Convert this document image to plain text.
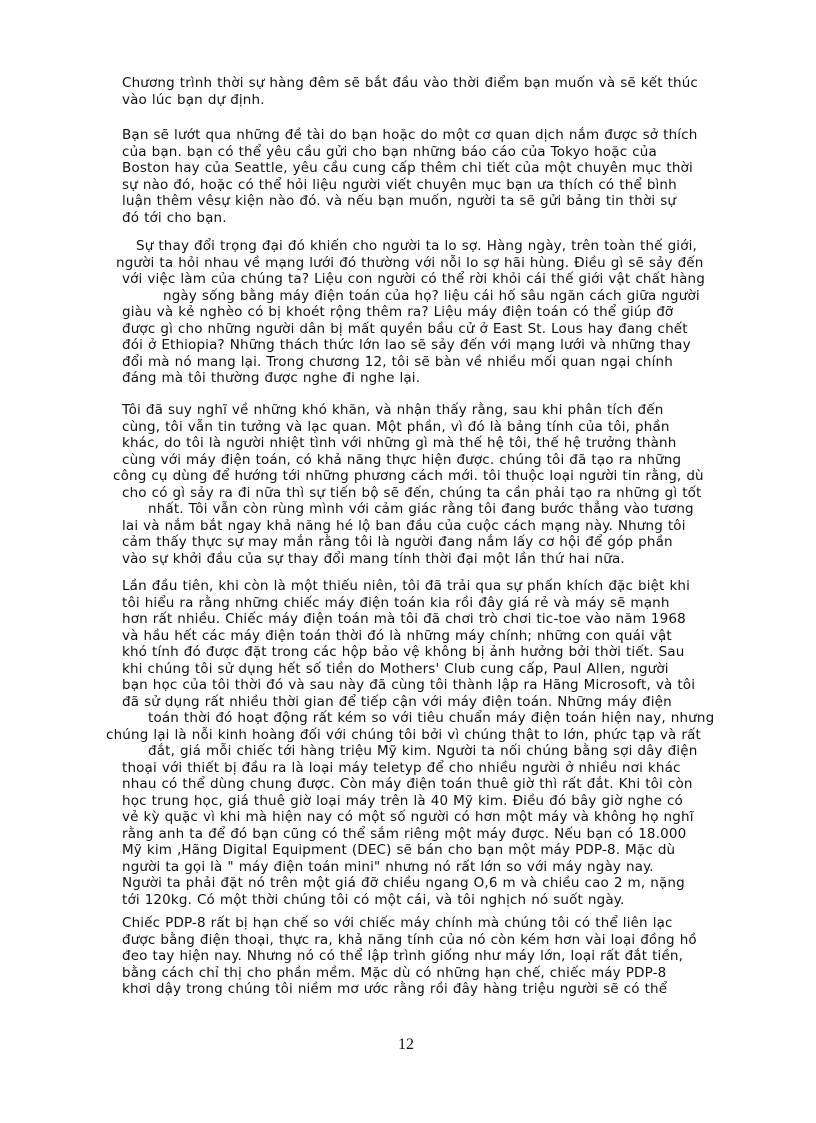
Chương trình thời sự hàng đêm sẽ bắt đầu vào thời điểm bạn muốn và sẽ kết thúc
vào lúc bạn dự định.
Bạn sẽ lướt qua những đề tài do bạn hoặc do một cơ quan dịch nắm được sở thích
của bạn. bạn có thể yêu cầu gửi cho bạn những báo cáo của Tokyo hoặc của
Boston hay của Seattle, yêu cầu cung cấp thêm chi tiết của một chuyên mục thời
sự nào đó, hoặc có thể hỏi liệu người viết chuyên mục bạn ưa thích có thể bình
luận thêm vêsự kiện nào đó. và nếu bạn muốn, người ta sẽ gửi bảng tin thời sự
đó tới cho bạn.
Sự thay đổi trọng đại đó khiến cho người ta lo sợ. Hàng ngày, trên toàn thế giới,
người ta hỏi nhau về mạng lưới đó thường với nỗi lo sợ hãi hùng. Điều gì sẽ sảy đến
với việc làm của chúng ta? Liệu con người có thể rời khỏi cái thế giới vật chất hàng
ngày sống bằng máy điện toán của họ? liệu cái hố sâu ngăn cách giữa người
giàu và kẻ nghèo có bị khoét rộng thêm ra? Liệu máy điện toán có thể giúp đỡ
được gì cho những người dân bị mất quyền bầu cử ở East St. Lous hay đang chết
đói ở Ethiopia? Những thách thức lớn lao sẽ sảy đến với mạng lưới và những thay
đổi mà nó mang lại. Trong chương 12, tôi sẽ bàn về nhiều mối quan ngại chính
đáng mà tôi thường được nghe đi nghe lại.
Tôi đã suy nghĩ về những khó khăn, và nhận thấy rằng, sau khi phân tích đến
cùng, tôi vẫn tin tưởng và lạc quan. Một phần, vì đó là bảng tính của tôi, phần
khác, do tôi là người nhiệt tình với những gì mà thế hệ tôi, thế hệ trưởng thành
cùng với máy điện toán, có khả năng thực hiện được. chúng tôi đã tạo ra những
công cụ dùng để hướng tới những phương cách mới. tôi thuộc loại người tin rằng, dù
cho có gì sảy ra đi nữa thì sự tiến bộ sẽ đến, chúng ta cần phải tạo ra những gì tốt
nhất. Tôi vẫn còn rùng mình với cảm giác rằng tôi đang bước thẳng vào tương
lai và nắm bắt ngay khả năng hé lộ ban đầu của cuộc cách mạng này. Nhưng tôi
cảm thấy thực sự may mắn rằng tôi là người đang nắm lấy cơ hội để góp phần
vào sự khởi đầu của sự thay đổi mang tính thời đại một lần thứ hai nữa.
Lần đầu tiên, khi còn là một thiếu niên, tôi đã trải qua sự phấn khích đặc biệt khi
tôi hiểu ra rằng những chiếc máy điện toán kia rồi đây giá rẻ và máy sẽ mạnh
hơn rất nhiều. Chiếc máy điện toán mà tôi đã chơi trò chơi tic-toe vào năm 1968
và hầu hết các máy điện toán thời đó là những máy chính; những con quái vật
khó tính đó được đặt trong các hộp bảo vệ không bị ảnh hưởng bởi thời tiết. Sau
khi chúng tôi sử dụng hết số tiền do Mothers' Club cung cấp, Paul Allen, người
bạn học của tôi thời đó và sau này đã cùng tôi thành lập ra Hãng Microsoft, và tôi
đã sử dụng rất nhiều thời gian để tiếp cận với máy điện toán. Những máy điện
toán thời đó hoạt động rất kém so với tiêu chuẩn máy điện toán hiện nay, nhưng
chúng lại là nỗi kinh hoàng đối với chúng tôi bởi vì chúng thật to lớn, phức tạp và rất
đắt, giá mỗi chiếc tới hàng triệu Mỹ kim. Người ta nối chúng bằng sợi dây điện
thoại với thiết bị đầu ra là loại máy teletyp để cho nhiều người ở nhiều nơi khác
nhau có thể dùng chung được. Còn máy điện toán thuê giờ thì rất đắt. Khi tôi còn
học trung học, giá thuê giờ loại máy trên là 40 Mỹ kim. Điều đó bây giờ nghe có
vẻ kỳ quặc vì khi mà hiện nay có một số người có hơn một máy và không họ nghĩ
rằng anh ta để đó bạn cũng có thể sắm riêng một máy được. Nếu bạn có 18.000
Mỹ kim ,Hãng Digital Equipment (DEC) sẽ bán cho bạn một máy PDP-8. Mặc dù
người ta gọi là " máy điện toán mini" nhưng nó rất lớn so với máy ngày nay.
Người ta phải đặt nó trên một giá đỡ chiều ngang O,6 m và chiều cao 2 m, nặng
tới 120kg. Có một thời chúng tôi có một cái, và tôi nghịch nó suốt ngày.
Chiếc PDP-8 rất bị hạn chế so với chiếc máy chính mà chúng tôi có thể liên lạc
được bằng điện thoại, thực ra, khả năng tính của nó còn kém hơn vài loại đồng hồ
đeo tay hiện nay. Nhưng nó có thể lập trình giống như máy lớn, loại rất đắt tiền,
bằng cách chỉ thị cho phần mềm. Mặc dù có những hạn chế, chiếc máy PDP-8
khơi dậy trong chúng tôi niềm mơ ước rằng rồi đây hàng triệu người sẽ có thể
12
